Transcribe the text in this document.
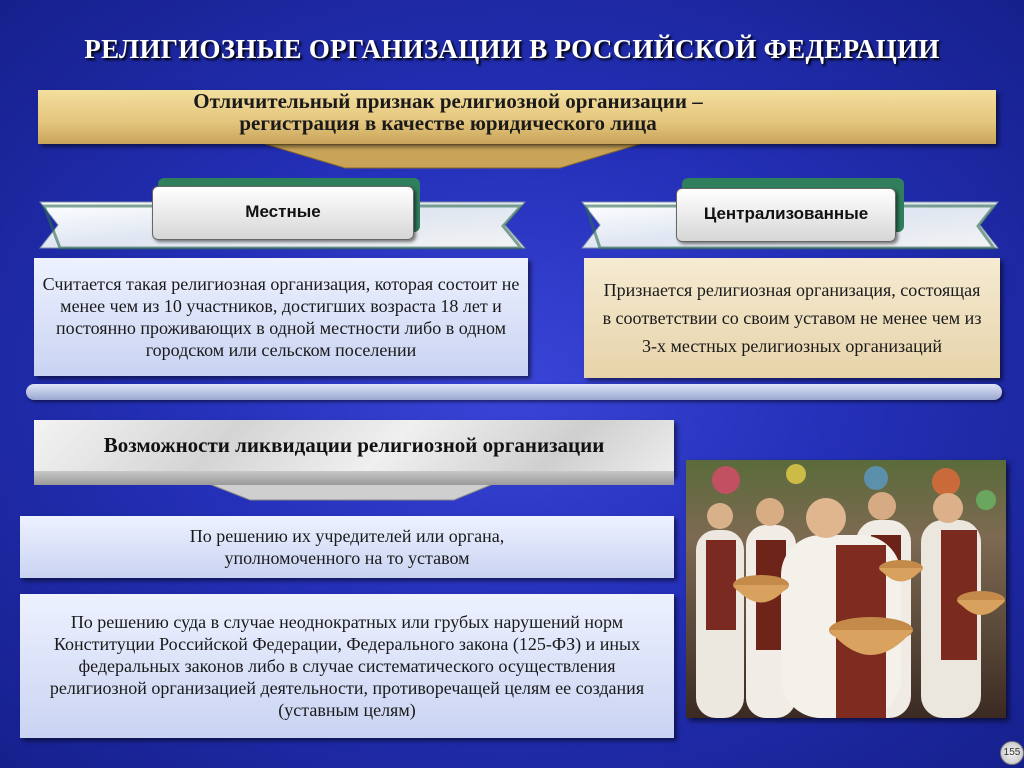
РЕЛИГИОЗНЫЕ ОРГАНИЗАЦИИ В РОССИЙСКОЙ ФЕДЕРАЦИИ
Отличительный признак религиозной организации –
регистрация в качестве юридического лица
Местные	Централизованные
Считается такая религиозная организация, которая состоит не менее чем из 10 участников, достигших возраста 18 лет и постоянно проживающих в одной местности либо в одном городском или сельском поселении
Признается религиозная организация, состоящая в соответствии со своим уставом не менее чем из 3-х местных религиозных организаций
Возможности ликвидации религиозной организации
По решению их учредителей или органа, уполномоченного на то уставом
По решению суда в случае неоднократных или грубых нарушений норм Конституции Российской Федерации, Федерального закона (125-ФЗ) и иных федеральных законов либо в случае систематического осуществления религиозной организацией деятельности, противоречащей целям ее создания (уставным целям)
155
